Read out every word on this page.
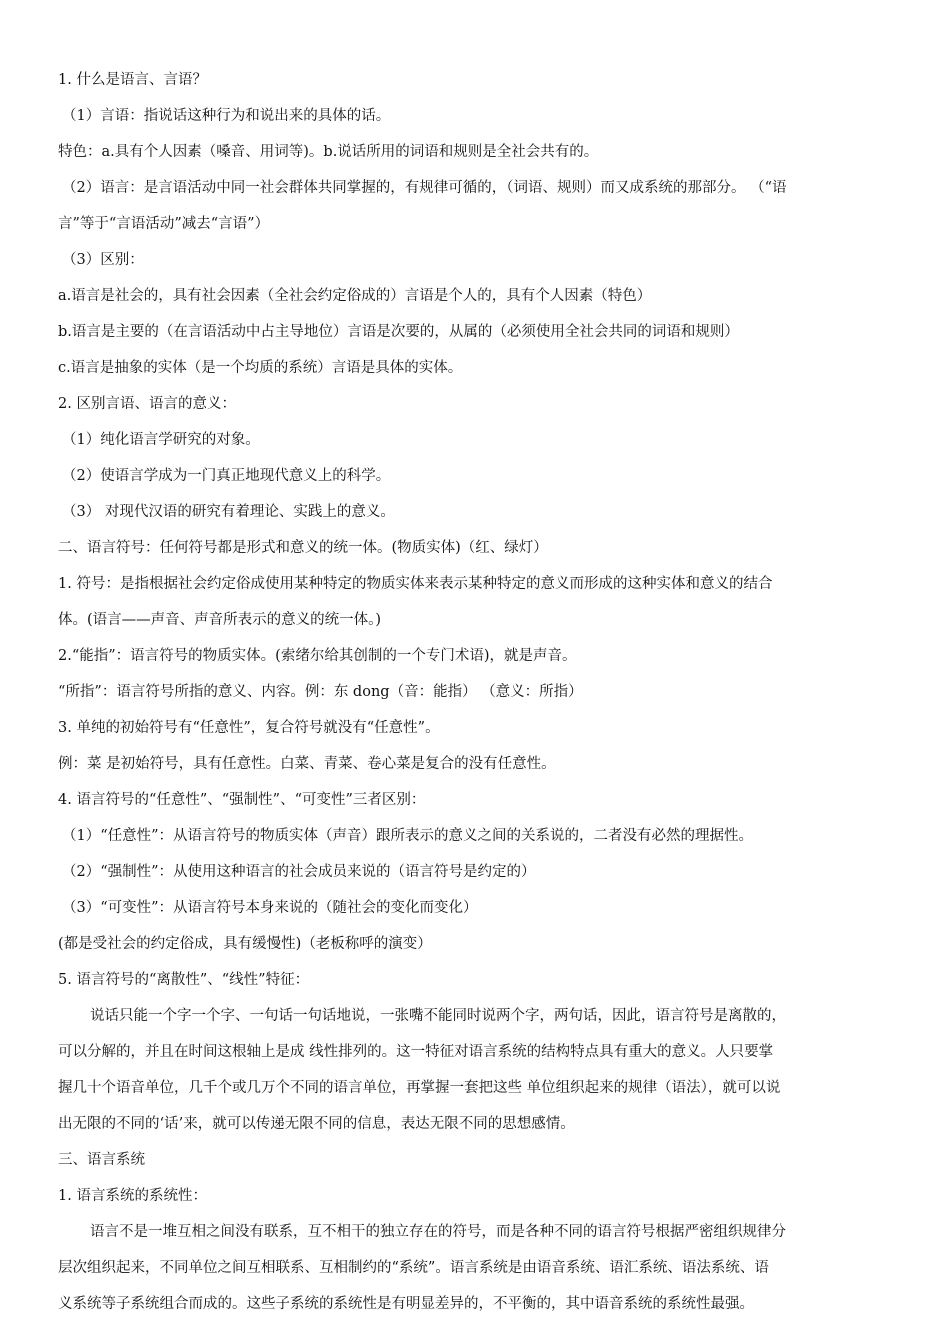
1. 什么是语言、言语？
（1）言语：指说话这种行为和说出来的具体的话。
特色：a.具有个人因素（嗓音、用词等)。b.说话所用的词语和规则是全社会共有的。
（2）语言：是言语活动中同一社会群体共同掌握的，有规律可循的，（词语、规则）而又成系统的那部分。 （“语
言”等于“言语活动”减去“言语”）
（3）区别：
a.语言是社会的，具有社会因素（全社会约定俗成的）言语是个人的，具有个人因素（特色）
b.语言是主要的（在言语活动中占主导地位）言语是次要的，从属的（必须使用全社会共同的词语和规则）
c.语言是抽象的实体（是一个均质的系统）言语是具体的实体。
2. 区别言语、语言的意义：
（1）纯化语言学研究的对象。
（2）使语言学成为一门真正地现代意义上的科学。
（3） 对现代汉语的研究有着理论、实践上的意义。
二、语言符号：任何符号都是形式和意义的统一体。(物质实体)（红、绿灯）
1. 符号：是指根据社会约定俗成使用某种特定的物质实体来表示某种特定的意义而形成的这种实体和意义的结合
体。(语言——声音、声音所表示的意义的统一体。)
2.“能指”：语言符号的物质实体。(索绪尔给其创制的一个专门术语)，就是声音。
“所指”：语言符号所指的意义、内容。例：东 dong（音：能指） （意义：所指）
3. 单纯的初始符号有“任意性”，复合符号就没有“任意性”。
例：菜 是初始符号，具有任意性。白菜、青菜、卷心菜是复合的没有任意性。
4. 语言符号的“任意性”、“强制性”、“可变性”三者区别：
（1）“任意性”：从语言符号的物质实体（声音）跟所表示的意义之间的关系说的，二者没有必然的理据性。
（2）“强制性”：从使用这种语言的社会成员来说的（语言符号是约定的）
（3）“可变性”：从语言符号本身来说的（随社会的变化而变化）
(都是受社会的约定俗成，具有缓慢性)（老板称呼的演变）
5. 语言符号的“离散性”、“线性”特征：
说话只能一个字一个字、一句话一句话地说，一张嘴不能同时说两个字，两句话，因此，语言符号是离散的，
可以分解的，并且在时间这根轴上是成 线性排列的。这一特征对语言系统的结构特点具有重大的意义。人只要掌
握几十个语音单位，几千个或几万个不同的语言单位，再掌握一套把这些 单位组织起来的规律（语法），就可以说
出无限的不同的‘话’来，就可以传递无限不同的信息，表达无限不同的思想感情。
三、语言系统
1. 语言系统的系统性：
语言不是一堆互相之间没有联系，互不相干的独立存在的符号，而是各种不同的语言符号根据严密组织规律分
层次组织起来，不同单位之间互相联系、互相制约的“系统”。语言系统是由语音系统、语汇系统、语法系统、语
义系统等子系统组合而成的。这些子系统的系统性是有明显差异的，不平衡的，其中语音系统的系统性最强。
